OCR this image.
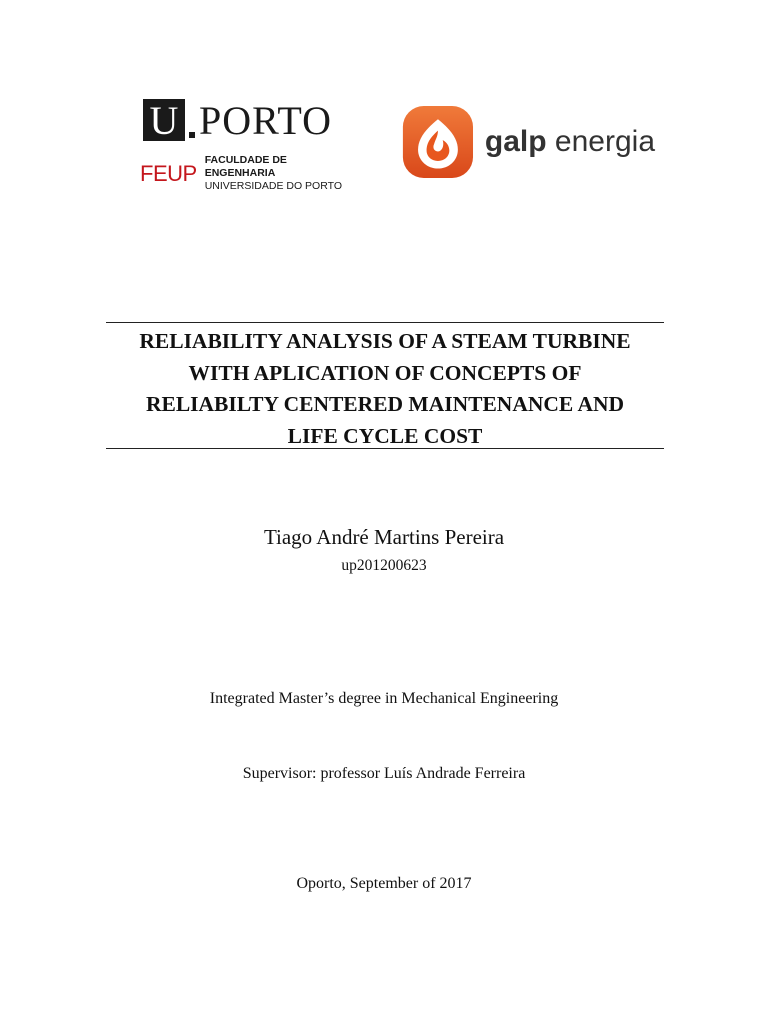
U PORTO
FEUP
FACULDADE DE ENGENHARIA
UNIVERSIDADE DO PORTO
galp energia
RELIABILITY ANALYSIS OF A STEAM TURBINE
WITH APLICATION OF CONCEPTS OF
RELIABILTY CENTERED MAINTENANCE AND
LIFE CYCLE COST

Tiago André Martins Pereira

up201200623

Integrated Master’s degree in Mechanical Engineering

Supervisor: professor Luís Andrade Ferreira

Oporto, September of 2017
